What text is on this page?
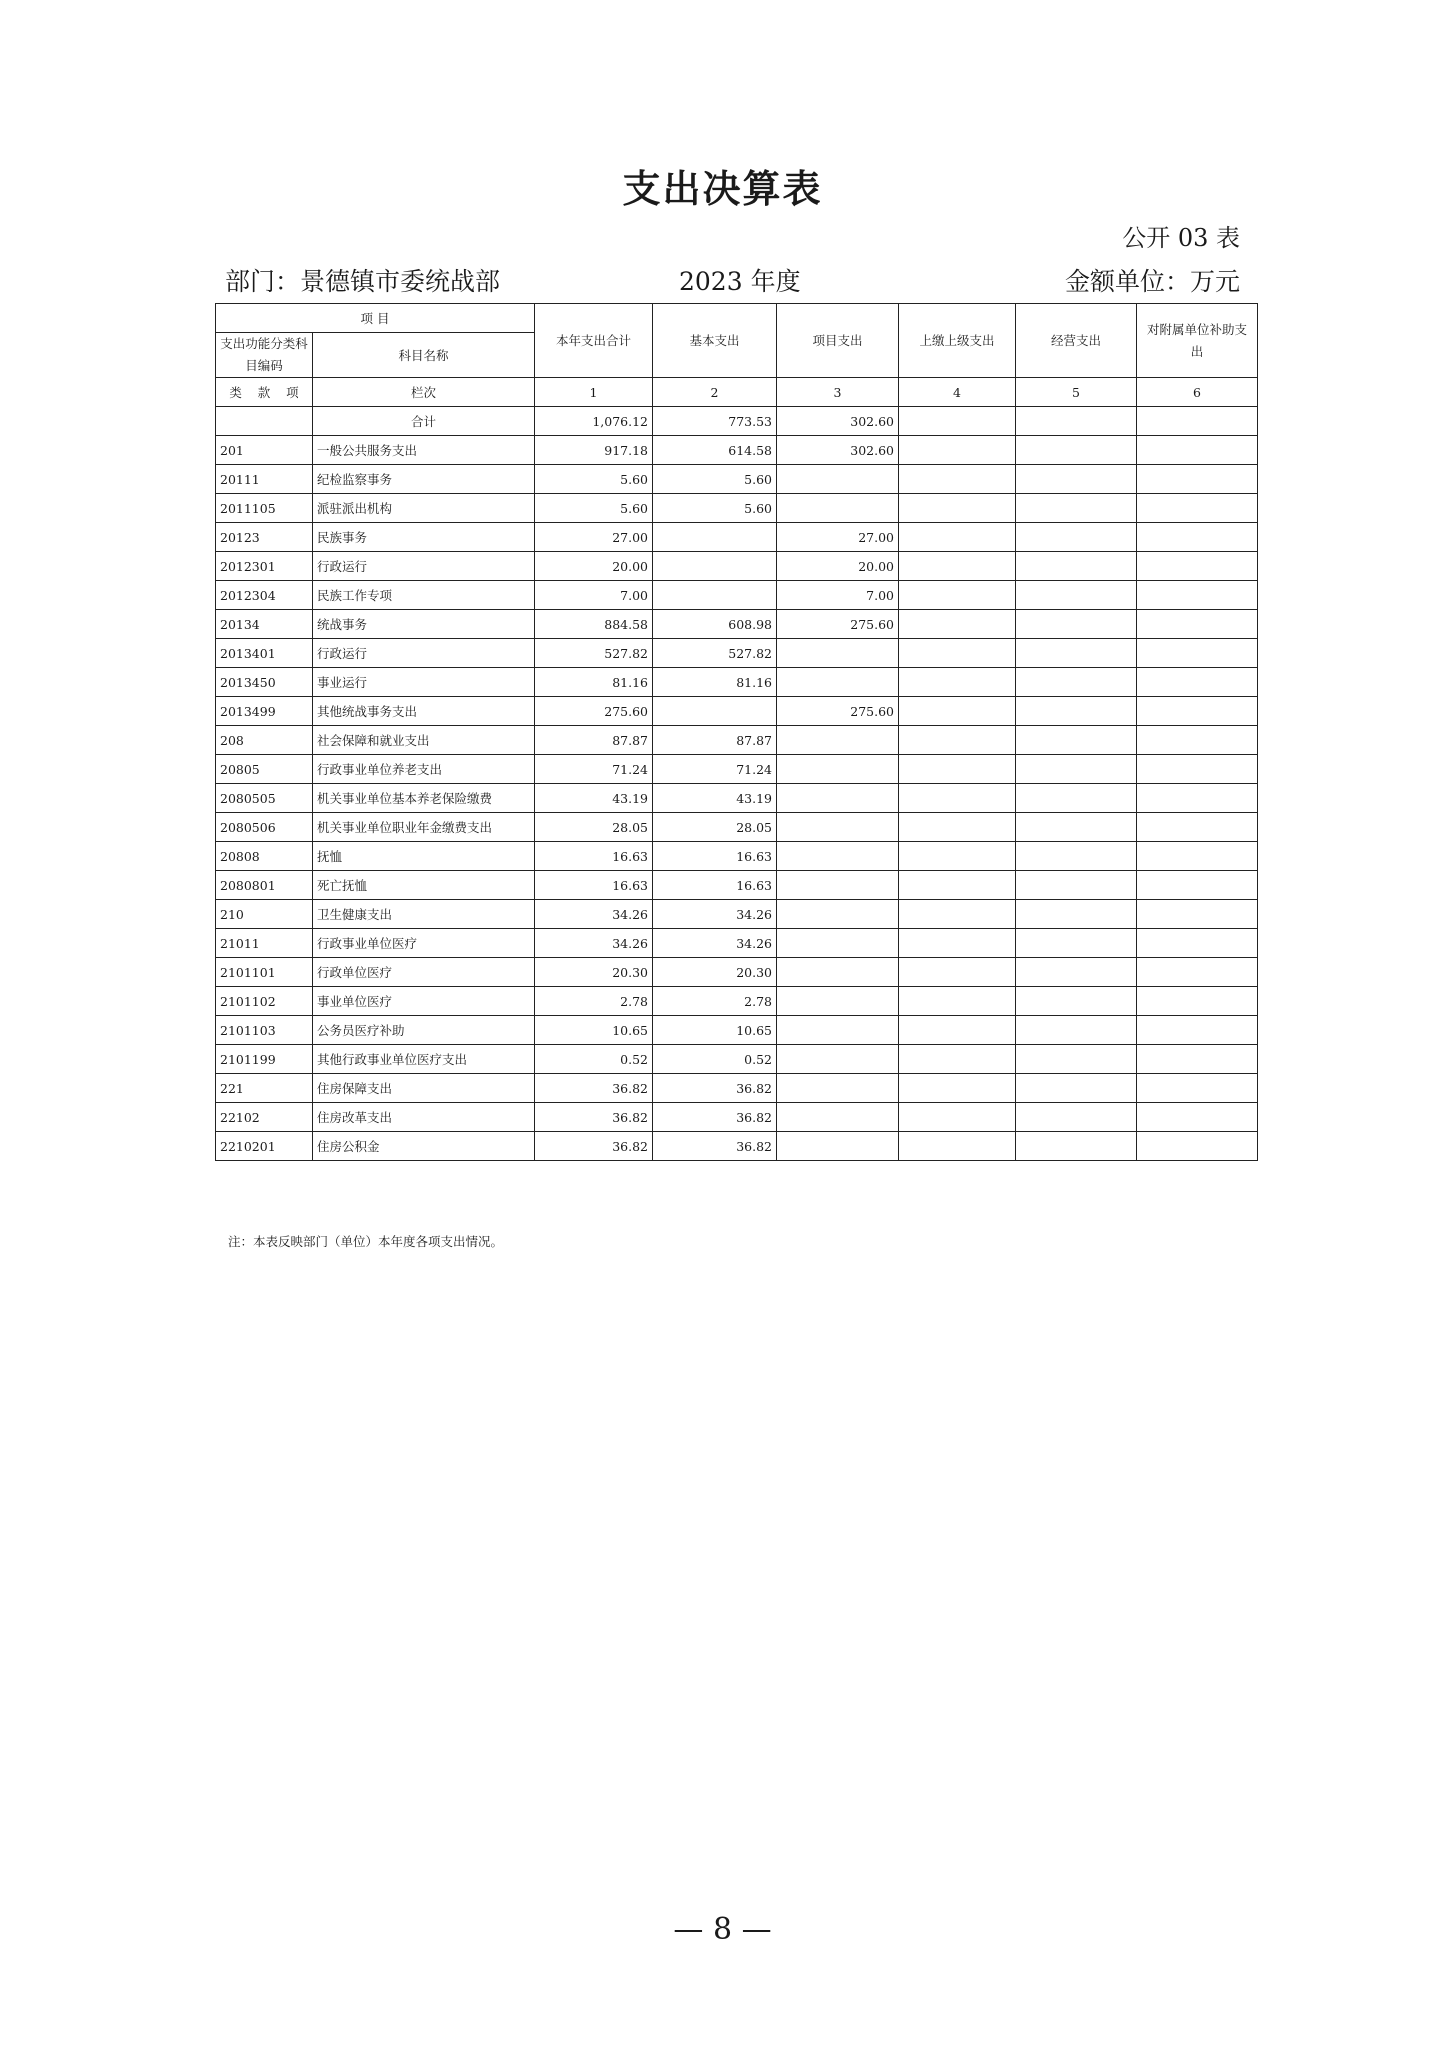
支出决算表
公开 03 表
部门：景德镇市委统战部	2023 年度	金额单位：万元
项 目		本年支出合计	基本支出	项目支出	上缴上级支出	经营支出	对附属单位补助支出
支出功能分类科目编码	科目名称						
类 款 项	栏次	1	2	3	4	5	6
	合计	1,076.12	773.53	302.60			
201	一般公共服务支出	917.18	614.58	302.60			
20111	纪检监察事务	5.60	5.60				
2011105	派驻派出机构	5.60	5.60				
20123	民族事务	27.00		27.00			
2012301	行政运行	20.00		20.00			
2012304	民族工作专项	7.00		7.00			
20134	统战事务	884.58	608.98	275.60			
2013401	行政运行	527.82	527.82				
2013450	事业运行	81.16	81.16				
2013499	其他统战事务支出	275.60		275.60			
208	社会保障和就业支出	87.87	87.87				
20805	行政事业单位养老支出	71.24	71.24				
2080505	机关事业单位基本养老保险缴费	43.19	43.19				
2080506	机关事业单位职业年金缴费支出	28.05	28.05				
20808	抚恤	16.63	16.63				
2080801	死亡抚恤	16.63	16.63				
210	卫生健康支出	34.26	34.26				
21011	行政事业单位医疗	34.26	34.26				
2101101	行政单位医疗	20.30	20.30				
2101102	事业单位医疗	2.78	2.78				
2101103	公务员医疗补助	10.65	10.65				
2101199	其他行政事业单位医疗支出	0.52	0.52				
221	住房保障支出	36.82	36.82				
22102	住房改革支出	36.82	36.82				
2210201	住房公积金	36.82	36.82				
注：本表反映部门（单位）本年度各项支出情况。
— 8 —
